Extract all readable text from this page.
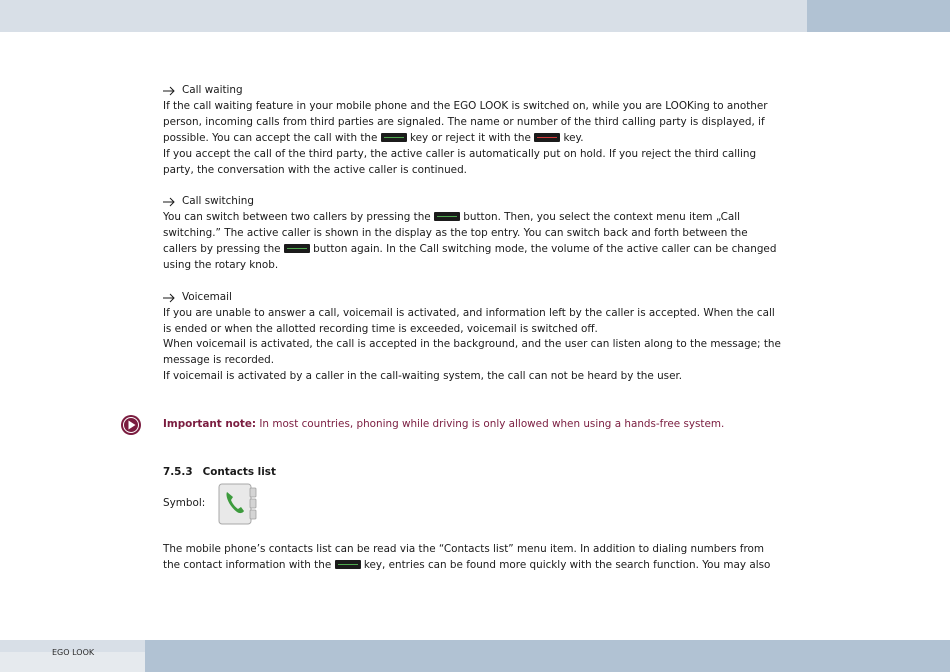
Call waiting

If the call waiting feature in your mobile phone and the EGO LOOK is switched on, while you are LOOKing to another person, incoming calls from third parties are signaled. The name or number of the third calling party is displayed, if possible. You can accept the call with the	key or reject it with the	key.

If you accept the call of the third party, the active caller is automatically put on hold. If you reject the third calling party, the conversation with the active caller is continued.

Call switching

You can switch between two callers by pressing the	button. Then, you select the context menu item „Call switching.” The active caller is shown in the display as the top entry. You can switch back and forth between the callers by pressing the	button again. In the Call switching mode, the volume of the active caller can be changed using the rotary knob.

Voicemail

If you are unable to answer a call, voicemail is activated, and information left by the caller is accepted. When the call is ended or when the allotted recording time is exceeded, voicemail is switched off.

When voicemail is activated, the call is accepted in the background, and the user can listen along to the message; the message is recorded.

If voicemail is activated by a caller in the call-waiting system, the call can not be heard by the user.

Important note: In most countries, phoning while driving is only allowed when using a hands-free system.
7.5.3 Contacts list
Symbol:

The mobile phone’s contacts list can be read via the “Contacts list” menu item. In addition to dialing numbers from the contact information with the	key, entries can be found more quickly with the search function. You may also
